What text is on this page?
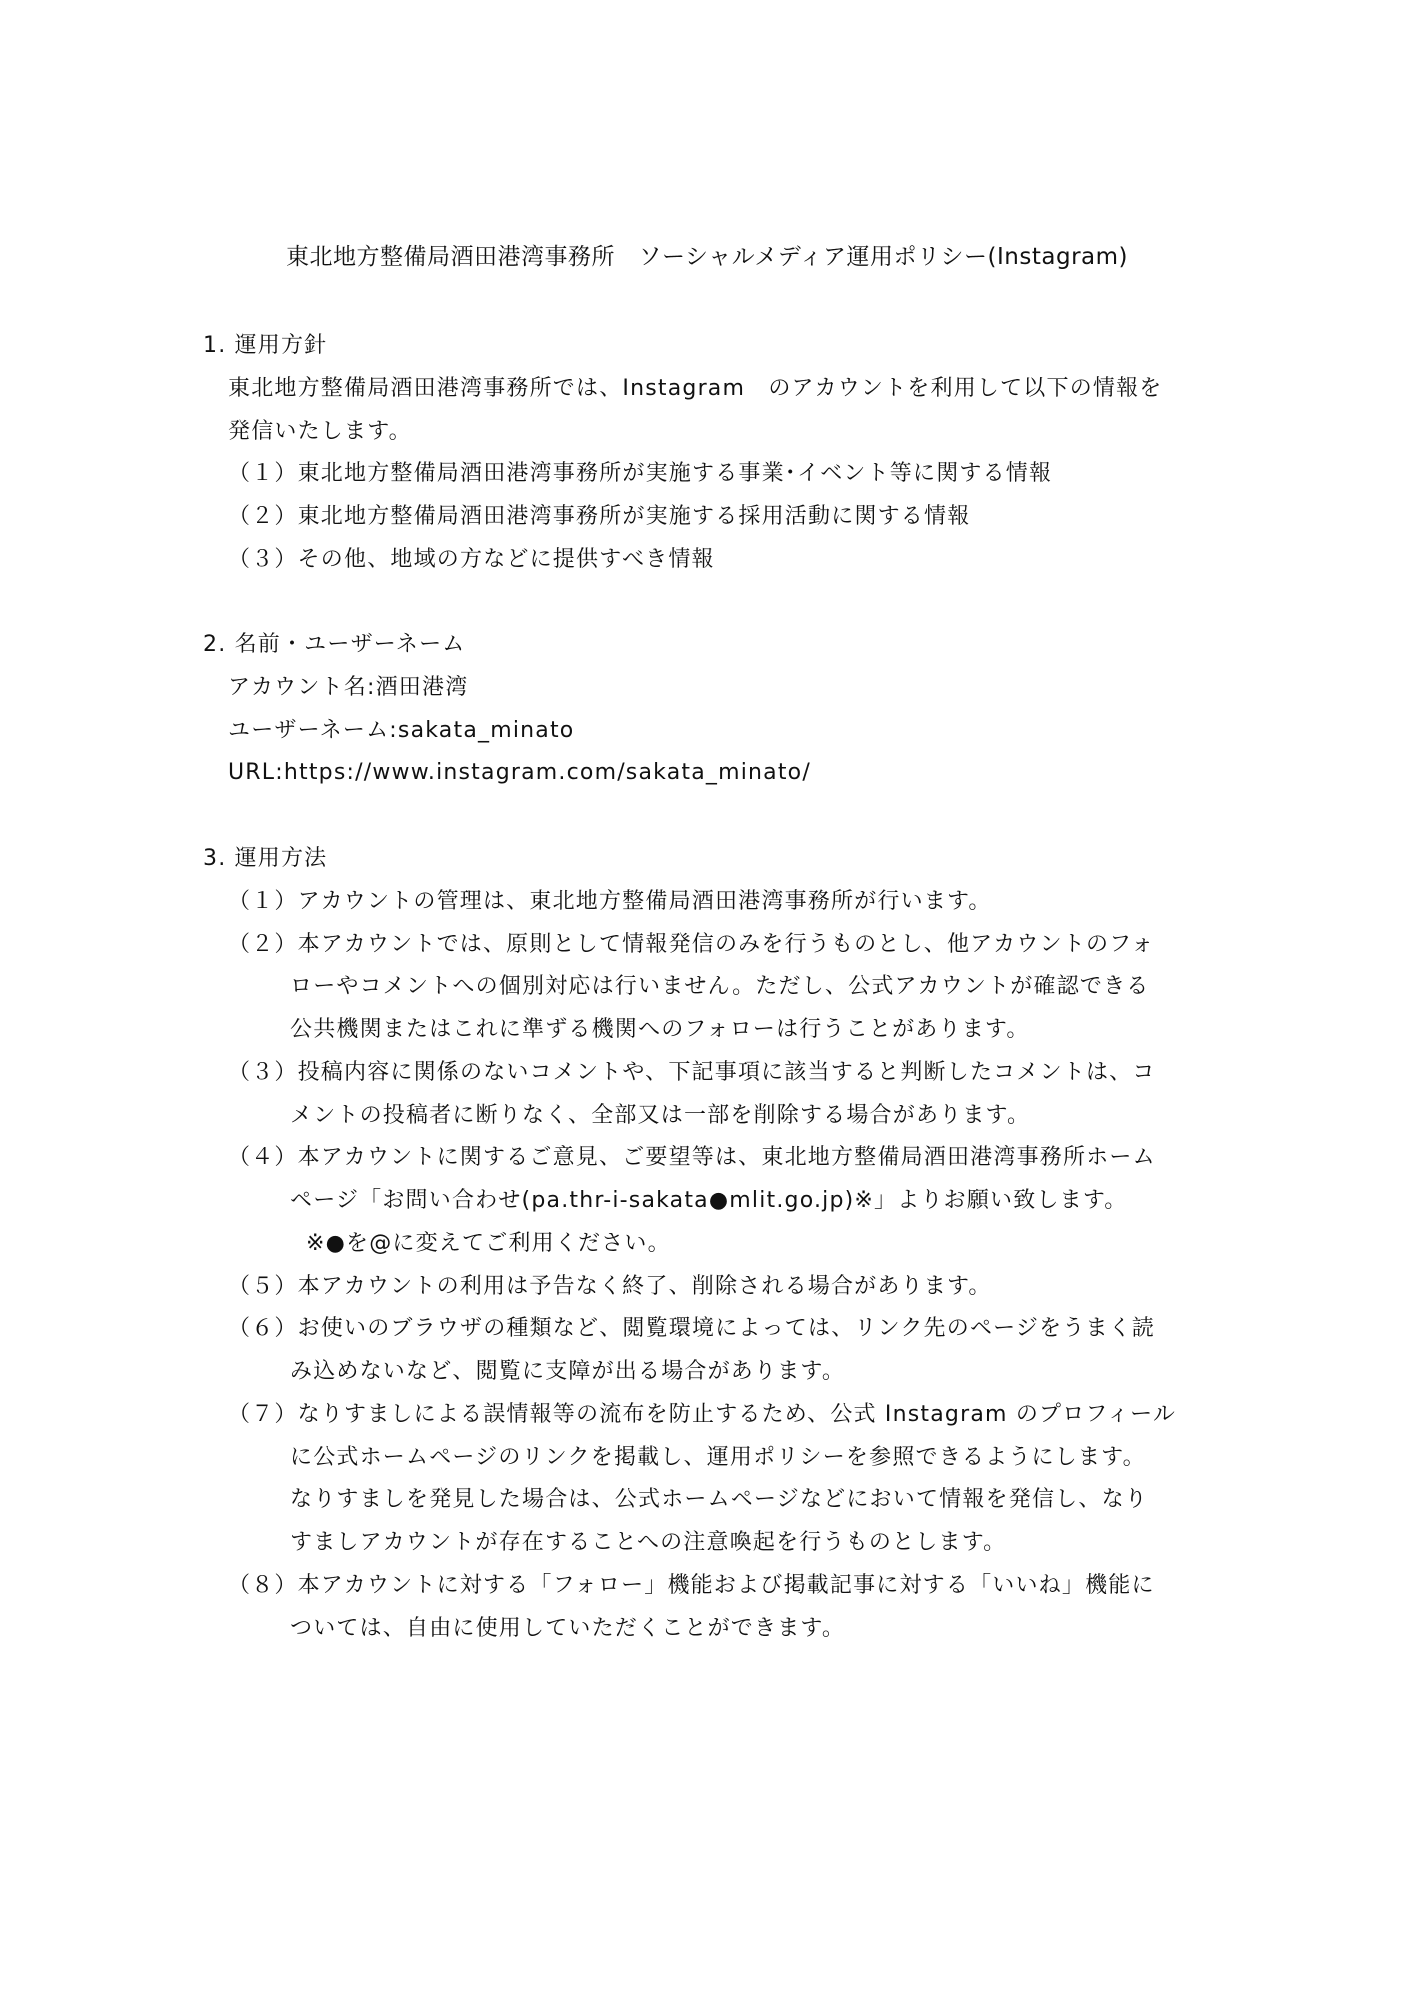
東北地方整備局酒田港湾事務所　ソーシャルメディア運用ポリシー(Instagram)
1. 運用方針
東北地方整備局酒田港湾事務所では、Instagram　のアカウントを利用して以下の情報を
発信いたします。
（１）東北地方整備局酒田港湾事務所が実施する事業･イベント等に関する情報
（２）東北地方整備局酒田港湾事務所が実施する採用活動に関する情報
（３）その他、地域の方などに提供すべき情報
2. 名前・ユーザーネーム
アカウント名:酒田港湾
ユーザーネーム:sakata_minato
URL:https://www.instagram.com/sakata_minato/
3. 運用方法
（１）アカウントの管理は、東北地方整備局酒田港湾事務所が行います。
（２）本アカウントでは、原則として情報発信のみを行うものとし、他アカウントのフォ
ローやコメントへの個別対応は行いません。ただし、公式アカウントが確認できる
公共機関またはこれに準ずる機関へのフォローは行うことがあります。
（３）投稿内容に関係のないコメントや、下記事項に該当すると判断したコメントは、コ
メントの投稿者に断りなく、全部又は一部を削除する場合があります。
（４）本アカウントに関するご意見、ご要望等は、東北地方整備局酒田港湾事務所ホーム
ページ「お問い合わせ(pa.thr-i-sakata●mlit.go.jp)※」よりお願い致します。
※●を@に変えてご利用ください。
（５）本アカウントの利用は予告なく終了、削除される場合があります。
（６）お使いのブラウザの種類など、閲覧環境によっては、リンク先のページをうまく読
み込めないなど、閲覧に支障が出る場合があります。
（７）なりすましによる誤情報等の流布を防止するため、公式 Instagram のプロフィール
に公式ホームページのリンクを掲載し、運用ポリシーを参照できるようにします。
なりすましを発見した場合は、公式ホームページなどにおいて情報を発信し、なり
すましアカウントが存在することへの注意喚起を行うものとします。
（８）本アカウントに対する「フォロー」機能および掲載記事に対する「いいね」機能に
ついては、自由に使用していただくことができます。
